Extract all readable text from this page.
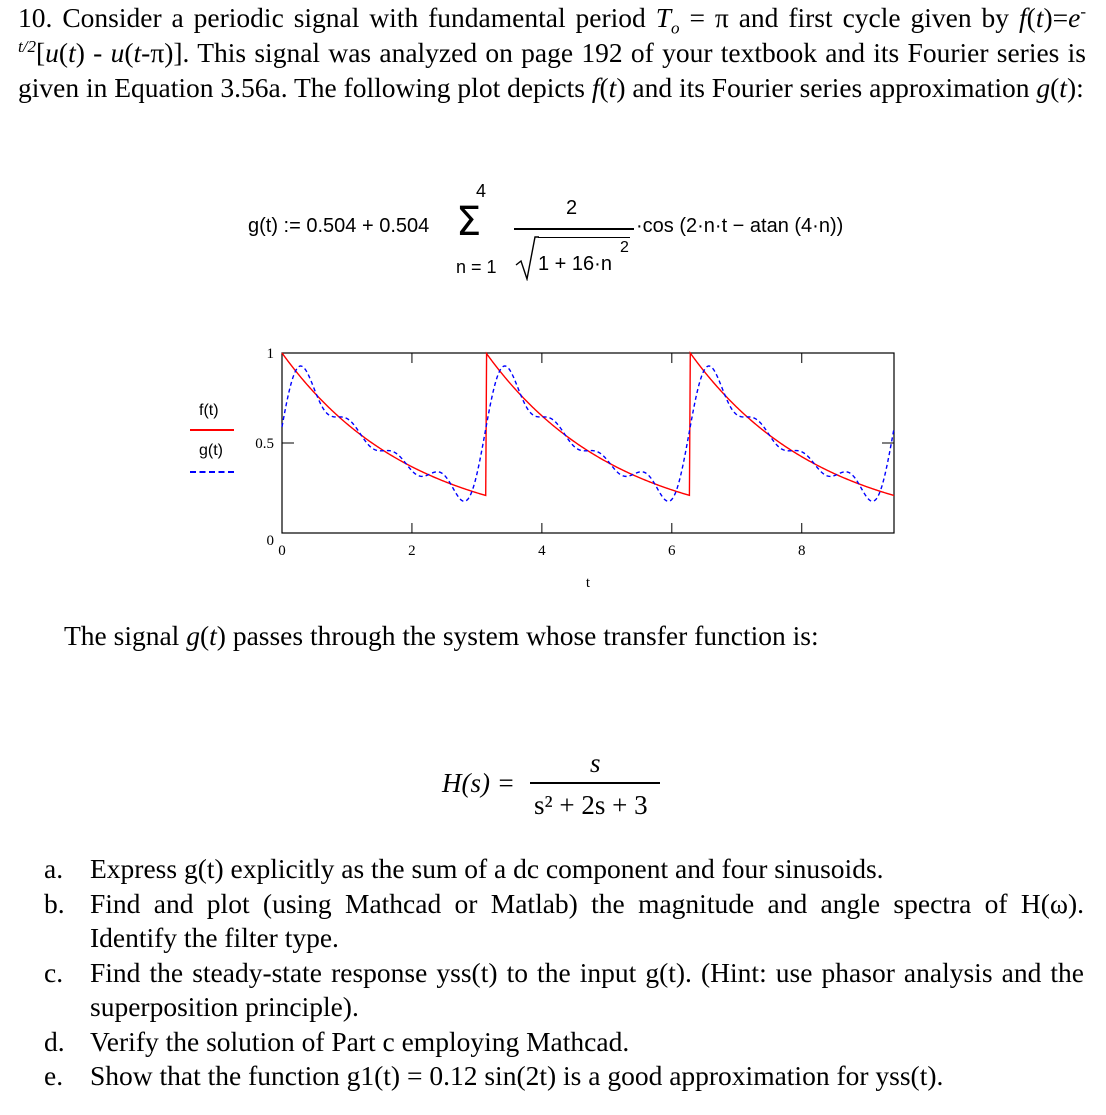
10. Consider a periodic signal with fundamental period $T_o = \pi$ and first cycle given by $f(t)=e^{-t/2}[u(t) - u(t-\pi)]$. This signal was analyzed on page 192 of your textbook and its Fourier series is given in Equation 3.56a. The following plot depicts f(t) and its Fourier series approximation g(t):
g(t) := 0.504 + 0.504
4
Σ
n = 1
2
1 + 16·n
2
·cos (2·n·t − atan (4·n))
f(t)
g(t)
0	2	4	6	8
0
0.5
1
t
The signal g(t) passes through the system whose transfer function is:
H(s) =
s
s² + 2s + 3
a. Express g(t) explicitly as the sum of a dc component and four sinusoids.
b. Find and plot (using Mathcad or Matlab) the magnitude and angle spectra of H(ω). Identify the filter type.
c. Find the steady-state response yss(t) to the input g(t). (Hint: use phasor analysis and the superposition principle).
d. Verify the solution of Part c employing Mathcad.
e. Show that the function g1(t) = 0.12 sin(2t) is a good approximation for yss(t).
